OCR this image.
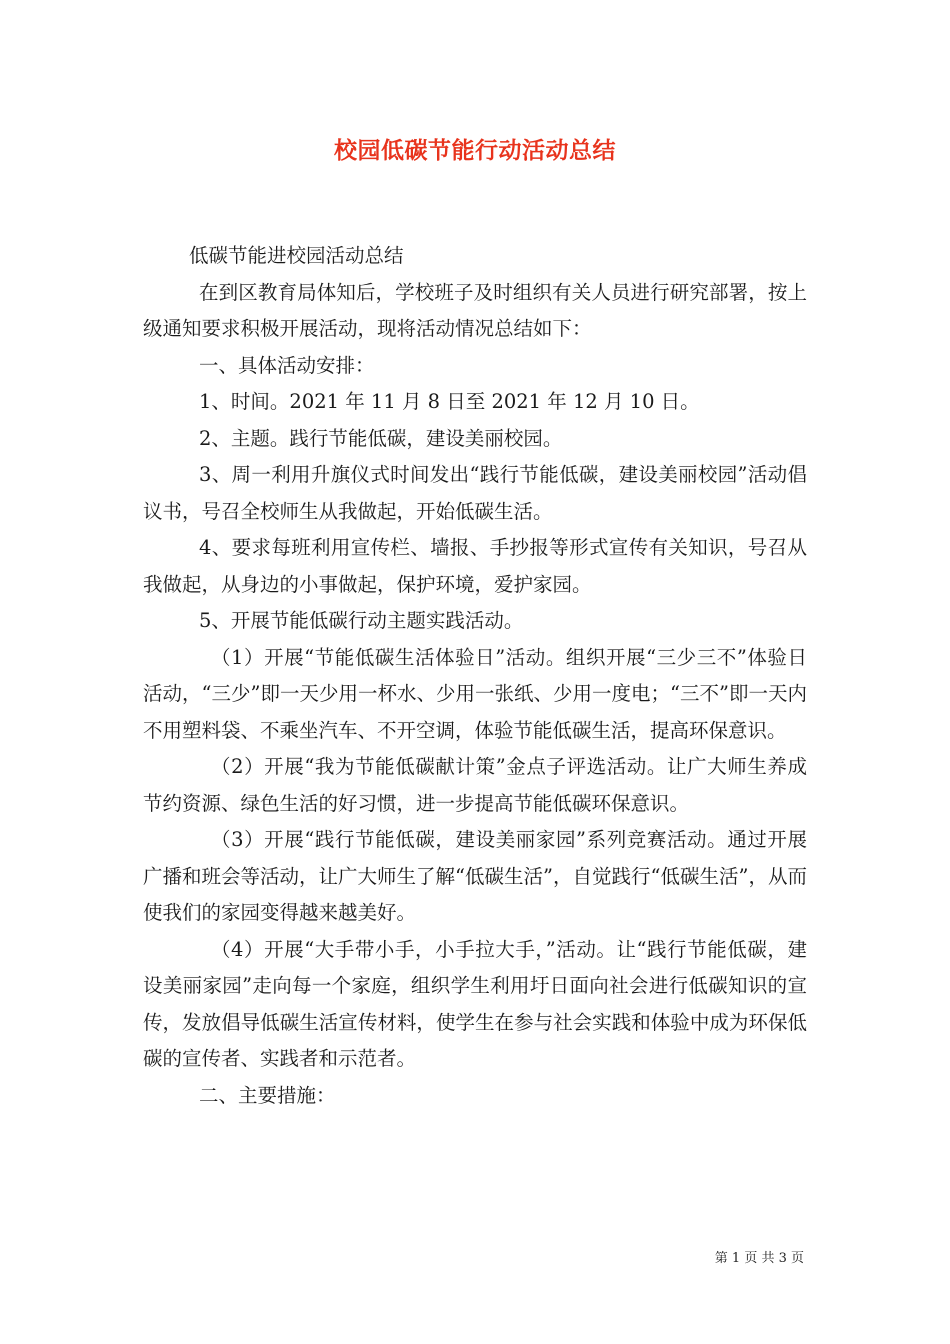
校园低碳节能行动活动总结

低碳节能进校园活动总结

在到区教育局体知后，学校班子及时组织有关人员进行研究部署，按上级通知要求积极开展活动，现将活动情况总结如下：

一、具体活动安排：

1、时间。2021 年 11 月 8 日至 2021 年 12 月 10 日。

2、主题。践行节能低碳，建设美丽校园。

3、周一利用升旗仪式时间发出“践行节能低碳，建设美丽校园”活动倡议书，号召全校师生从我做起，开始低碳生活。

4、要求每班利用宣传栏、墙报、手抄报等形式宣传有关知识，号召从我做起，从身边的小事做起，保护环境，爱护家园。

5、开展节能低碳行动主题实践活动。

（1）开展“节能低碳生活体验日”活动。组织开展“三少三不”体验日活动，“三少”即一天少用一杯水、少用一张纸、少用一度电；“三不”即一天内不用塑料袋、不乘坐汽车、不开空调，体验节能低碳生活，提高环保意识。

（2）开展“我为节能低碳献计策”金点子评选活动。让广大师生养成节约资源、绿色生活的好习惯，进一步提高节能低碳环保意识。

（3）开展“践行节能低碳，建设美丽家园”系列竞赛活动。通过开展广播和班会等活动，让广大师生了解“低碳生活”，自觉践行“低碳生活”，从而使我们的家园变得越来越美好。

（4）开展“大手带小手，小手拉大手，”活动。让“践行节能低碳，建设美丽家园”走向每一个家庭，组织学生利用圩日面向社会进行低碳知识的宣传，发放倡导低碳生活宣传材料，使学生在参与社会实践和体验中成为环保低碳的宣传者、实践者和示范者。

二、主要措施：

第 1 页 共 3 页
